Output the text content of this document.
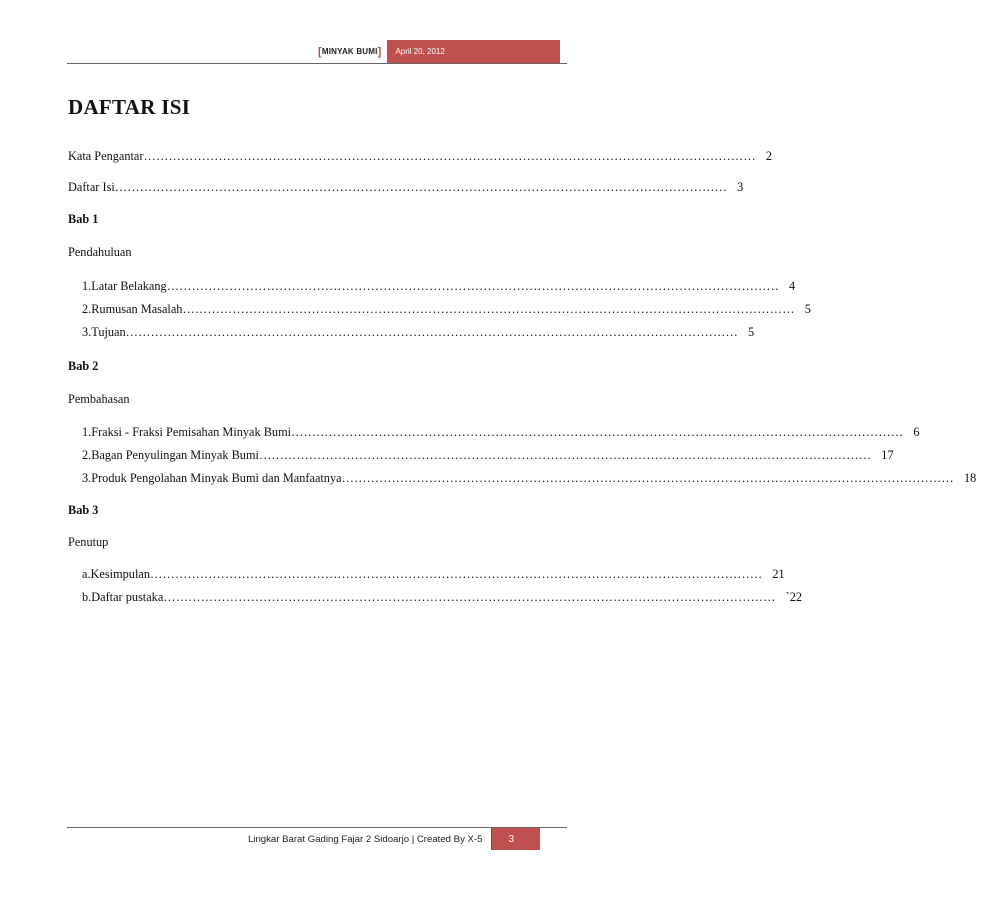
[ MINYAK BUMI ]	April 20, 2012
DAFTAR ISI
Kata Pengantar ………………………………………………………………………………………………………………………………… 2
Daftar Isi ………………………………………………………………………………………………………………………………… 3
Bab 1
Pendahuluan
1. Latar Belakang ………………………………………………………………………………………………………………………………… 4
2. Rumusan Masalah ………………………………………………………………………………………………………………………………… 5
3. Tujuan ………………………………………………………………………………………………………………………………… 5
Bab 2
Pembahasan
1. Fraksi - Fraksi Pemisahan Minyak Bumi ………………………………………………………………………………………………………………………………… 6
2. Bagan Penyulingan Minyak Bumi ………………………………………………………………………………………………………………………………… 17
3. Produk Pengolahan Minyak Bumi dan Manfaatnya ………………………………………………………………………………………………………………………………… 18
Bab 3
Penutup
a. Kesimpulan ………………………………………………………………………………………………………………………………… 21
b. Daftar pustaka ………………………………………………………………………………………………………………………………… `22
Lingkar Barat Gading Fajar 2 Sidoarjo | Created By X-5	3
